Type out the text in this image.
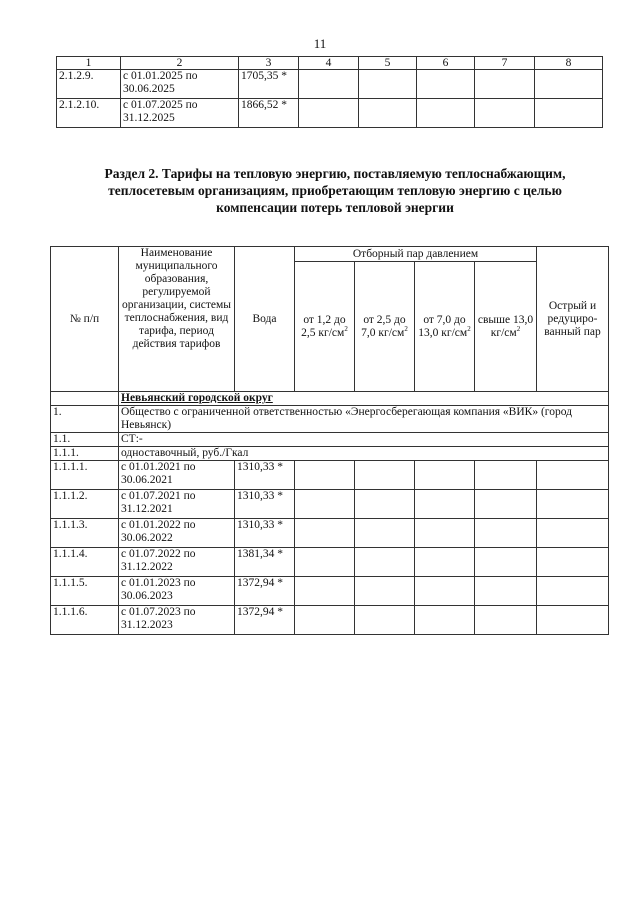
11
1	2	3	4	5	6	7	8
2.1.2.9.	с 01.01.2025 по 30.06.2025	1705,35 *					
2.1.2.10.	с 01.07.2025 по 31.12.2025	1866,52 *					
Раздел 2. Тарифы на тепловую энергию, поставляемую теплоснабжающим, теплосетевым организациям, приобретающим тепловую энергию с целью компенсации потерь тепловой энергии
№ п/п	Наименование муниципального образования, регулируемой организации, системы теплоснабжения, вид тарифа, период действия тарифов	Вода	Отборный пар давлением				Острый и редуциро-ванный пар
			от 1,2 до 2,5 $кг/см^2$	от 2,5 до 7,0 $кг/см^2$	от 7,0 до 13,0 $кг/см^2$	свыше 13,0 $кг/см^2$
	Невьянский городской округ						
1.	Общество с ограниченной ответственностью «Энергосберегающая компания «ВИК» (город Невьянск)						
1.1.	СТ:-						
1.1.1.	одноставочный, руб./Гкал						
1.1.1.1.	с 01.01.2021 по 30.06.2021	1310,33 *					
1.1.1.2.	с 01.07.2021 по 31.12.2021	1310,33 *					
1.1.1.3.	с 01.01.2022 по 30.06.2022	1310,33 *					
1.1.1.4.	с 01.07.2022 по 31.12.2022	1381,34 *					
1.1.1.5.	с 01.01.2023 по 30.06.2023	1372,94 *					
1.1.1.6.	с 01.07.2023 по 31.12.2023	1372,94 *					
